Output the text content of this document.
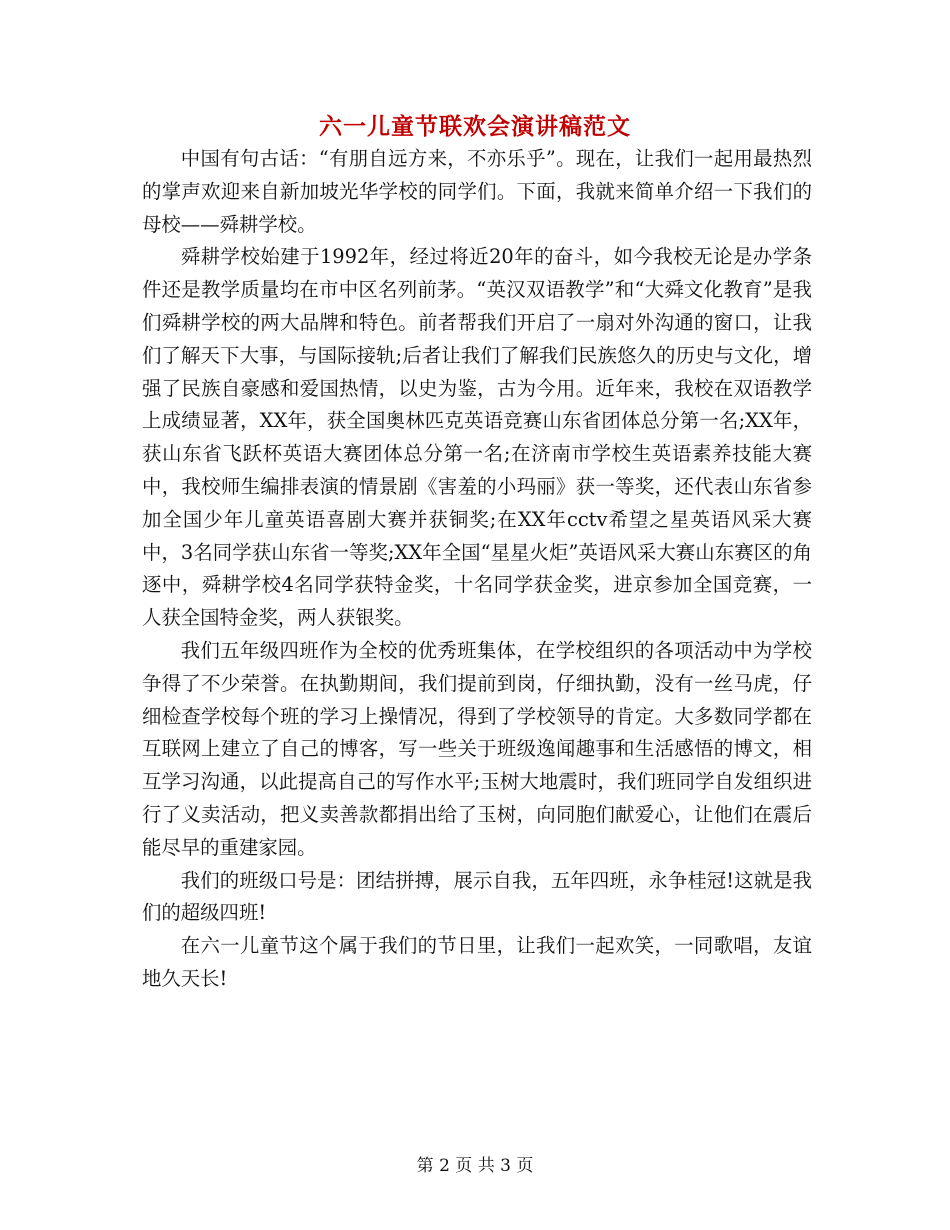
六一儿童节联欢会演讲稿范文

中国有句古话：“有朋自远方来，不亦乐乎”。现在，让我们一起用最热烈的掌声欢迎来自新加坡光华学校的同学们。下面，我就来简单介绍一下我们的母校——舜耕学校。

舜耕学校始建于1992年，经过将近20年的奋斗，如今我校无论是办学条件还是教学质量均在市中区名列前茅。“英汉双语教学”和“大舜文化教育”是我们舜耕学校的两大品牌和特色。前者帮我们开启了一扇对外沟通的窗口，让我们了解天下大事，与国际接轨;后者让我们了解我们民族悠久的历史与文化，增强了民族自豪感和爱国热情，以史为鉴，古为今用。近年来，我校在双语教学上成绩显著，XX年，获全国奥林匹克英语竞赛山东省团体总分第一名;XX年，获山东省飞跃杯英语大赛团体总分第一名;在济南市学校生英语素养技能大赛中，我校师生编排表演的情景剧《害羞的小玛丽》获一等奖，还代表山东省参加全国少年儿童英语喜剧大赛并获铜奖;在XX年cctv希望之星英语风采大赛中，3名同学获山东省一等奖;XX年全国“星星火炬”英语风采大赛山东赛区的角逐中，舜耕学校4名同学获特金奖，十名同学获金奖，进京参加全国竞赛，一人获全国特金奖，两人获银奖。

我们五年级四班作为全校的优秀班集体，在学校组织的各项活动中为学校争得了不少荣誉。在执勤期间，我们提前到岗，仔细执勤，没有一丝马虎，仔细检查学校每个班的学习上操情况，得到了学校领导的肯定。大多数同学都在互联网上建立了自己的博客，写一些关于班级逸闻趣事和生活感悟的博文，相互学习沟通，以此提高自己的写作水平;玉树大地震时，我们班同学自发组织进行了义卖活动，把义卖善款都捐出给了玉树，向同胞们献爱心，让他们在震后能尽早的重建家园。

我们的班级口号是：团结拼搏，展示自我，五年四班，永争桂冠!这就是我们的超级四班!

在六一儿童节这个属于我们的节日里，让我们一起欢笑，一同歌唱，友谊地久天长!

第 2 页 共 3 页
